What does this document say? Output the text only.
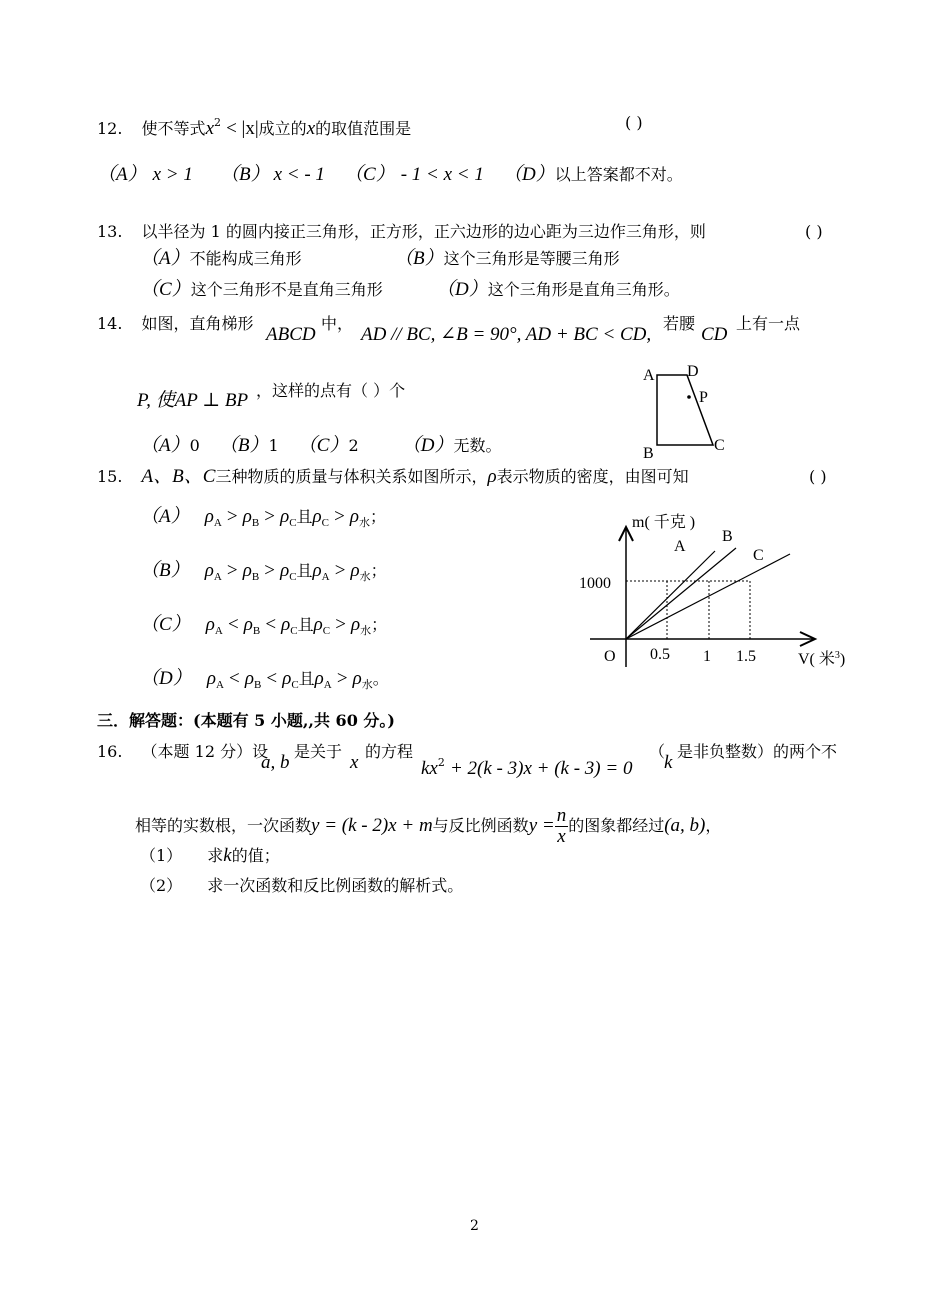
12. 使不等式$x^2 < |x|$成立的x的取值范围是	( )
（A） x > 1 （B） x < - 1 （C） - 1 < x < 1 （D）以上答案都不对。
13. 以半径为 1 的圆内接正三角形，正方形，正六边形的边心距为三边作三角形，则	( )
（A）不能构成三角形	（B）这个三角形是等腰三角形
（C）这个三角形不是直角三角形	（D）这个三角形是直角三角形。
14. 如图，直角梯形
ABCD
中，
AD // BC, ∠B = 90°, AD + BC < CD,
若腰
CD
上有一点
P, 使AP ⊥ BP ，这样的点有（ ）个
（A）0 （B）1 （C）2 （D）无数。
A D
P
B	C
15. A、B、C三种物质的质量与体积关系如图所示，ρ表示物质的密度，由图可知	( )
（A） $\rho_A > \rho_B > \rho_C$且$\rho_C > \rho_水$；
（B） $\rho_A > \rho_B > \rho_C$且$\rho_A > \rho_水$；
（C） $\rho_A < \rho_B < \rho_C$且$\rho_C > \rho_水$；
（D） $\rho_A < \rho_B < \rho_C$且$\rho_A > \rho_水$。
m( 千克 )
A
B
C
1000
O 0.5 1 1.5	V( 米$^3$)
三．解答题：(本题有 5 小题,,共 60 分。)
16. （本题 12 分）设
a, b
是关于
x
的方程
$kx^2 + 2(k - 3)x + (k - 3) = 0$
（
k
是非负整数）的两个不
相等的实数根，一次函数y = (k - 2)x + m与反比例函数$y = \frac{n}{x}$ 的图象都经过(a, b)，
（1） 求k的值；
（2） 求一次函数和反比例函数的解析式。
2
